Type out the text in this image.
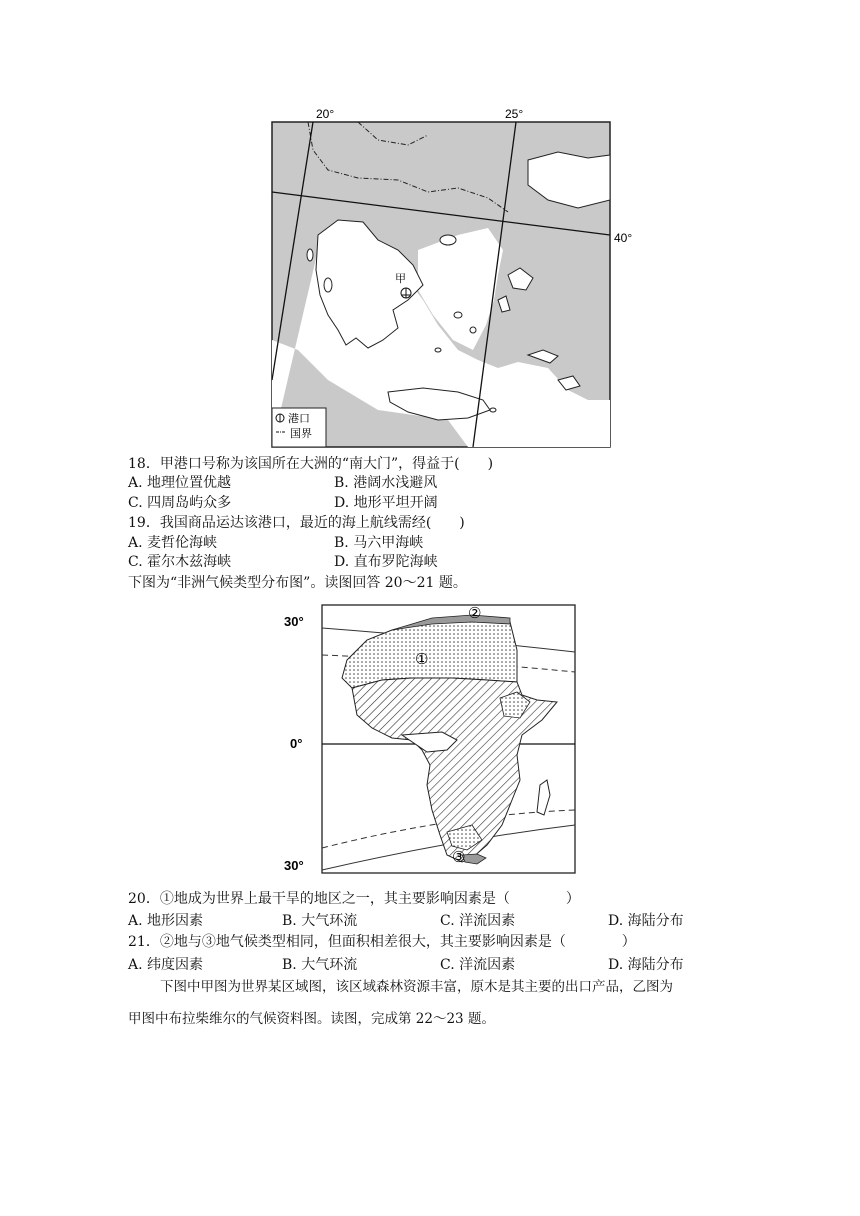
20°	25°
40°
甲
港口
国界
18．甲港口号称为该国所在大洲的“南大门”，得益于(　　)
A. 地理位置优越	B. 港阔水浅避风
C. 四周岛屿众多	D. 地形平坦开阔
19．我国商品运达该港口，最近的海上航线需经(　　)
A. 麦哲伦海峡	B. 马六甲海峡
C. 霍尔木兹海峡	D. 直布罗陀海峡
下图为“非洲气候类型分布图”。读图回答 20～21 题。
30°
0°
30°
②
①
③
20．①地成为世界上最干旱的地区之一，其主要影响因素是（　　　　）
A. 地形因素	B. 大气环流	C. 洋流因素	D. 海陆分布
21．②地与③地气候类型相同，但面积相差很大，其主要影响因素是（　　　　）
A. 纬度因素	B. 大气环流	C. 洋流因素	D. 海陆分布
下图中甲图为世界某区域图，该区域森林资源丰富，原木是其主要的出口产品，乙图为
甲图中布拉柴维尔的气候资料图。读图，完成第 22～23 题。
